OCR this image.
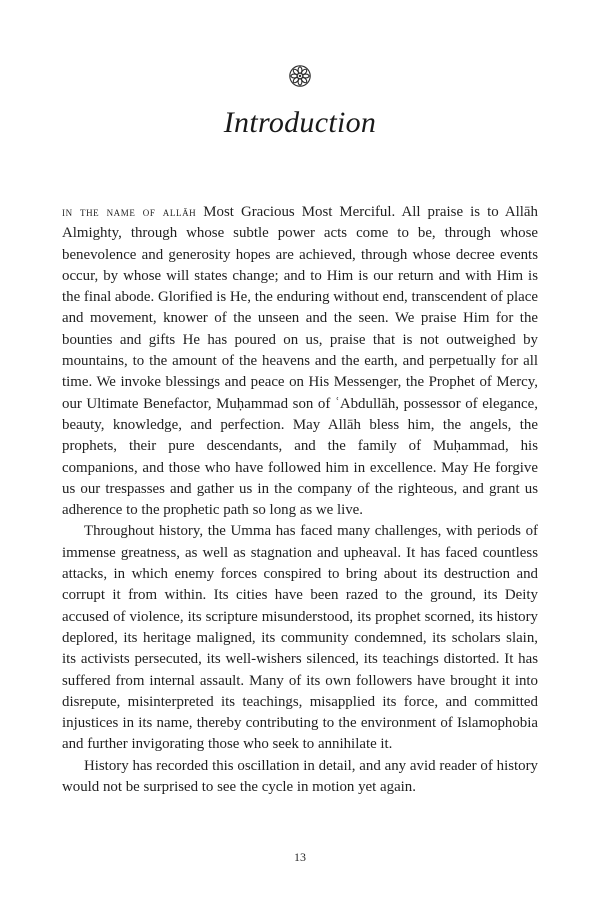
Introduction

in the name of allāh Most Gracious Most Merciful. All praise is to Allāh Almighty, through whose subtle power acts come to be, through whose benevolence and generosity hopes are achieved, through whose decree events occur, by whose will states change; and to Him is our return and with Him is the final abode. Glorified is He, the enduring without end, transcendent of place and movement, knower of the unseen and the seen. We praise Him for the bounties and gifts He has poured on us, praise that is not outweighed by mountains, to the amount of the heavens and the earth, and perpetually for all time. We invoke blessings and peace on His Messenger, the Prophet of Mercy, our Ultimate Benefactor, Muḥammad son of ʿAbdullāh, possessor of elegance, beauty, knowledge, and perfection. May Allāh bless him, the angels, the prophets, their pure descendants, and the family of Muḥammad, his companions, and those who have followed him in excellence. May He forgive us our trespasses and gather us in the company of the righteous, and grant us adherence to the prophetic path so long as we live.

Throughout history, the Umma has faced many challenges, with periods of immense greatness, as well as stagnation and upheaval. It has faced countless attacks, in which enemy forces conspired to bring about its destruction and corrupt it from within. Its cities have been razed to the ground, its Deity accused of violence, its scripture misunderstood, its prophet scorned, its history deplored, its heritage maligned, its community condemned, its scholars slain, its activists persecuted, its well-wishers silenced, its teachings distorted. It has suffered from internal assault. Many of its own followers have brought it into disrepute, misinterpreted its teachings, misapplied its force, and committed injustices in its name, thereby contributing to the environment of Islamophobia and further invigorating those who seek to annihilate it.

History has recorded this oscillation in detail, and any avid reader of history would not be surprised to see the cycle in motion yet again.

13
